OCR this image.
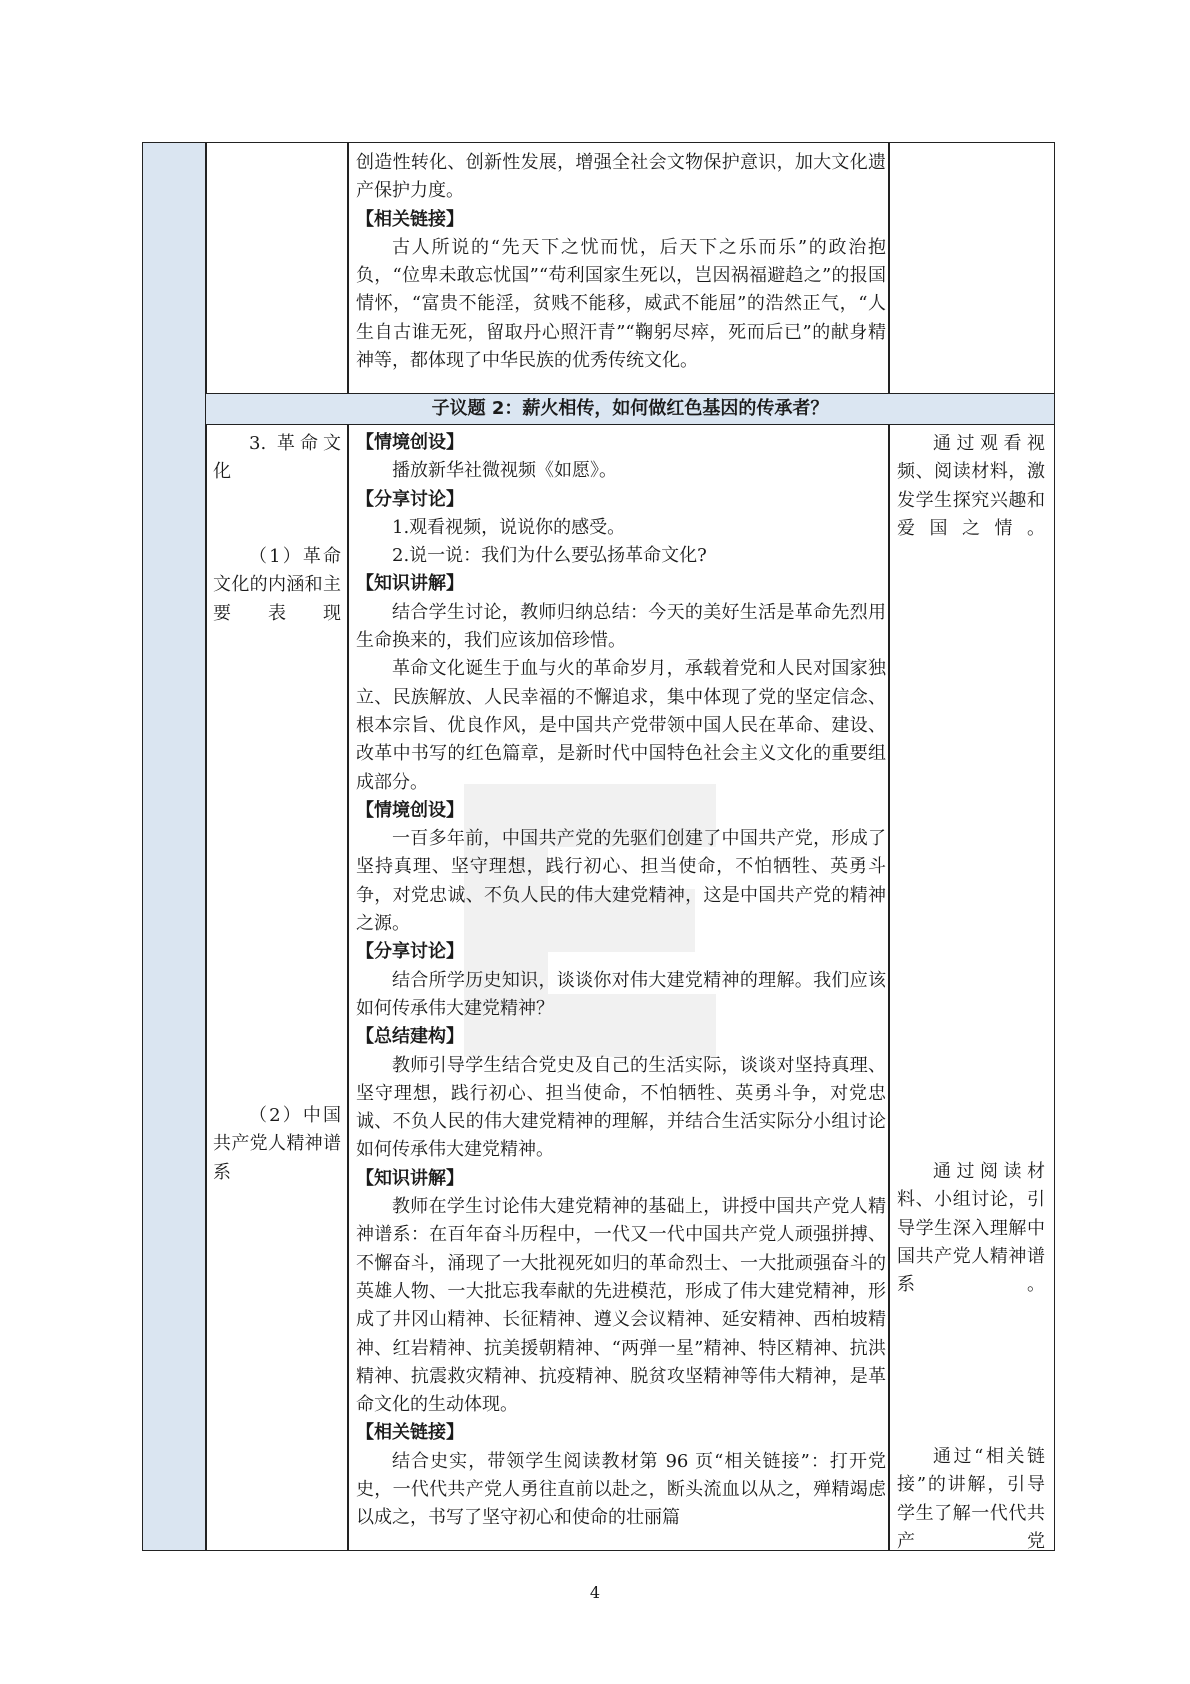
子议题 2：薪火相传，如何做红色基因的传承者？

创造性转化、创新性发展，增强全社会文物保护意识，加大文化遗产保护力度。

【相关链接】

古人所说的“先天下之忧而忧，后天下之乐而乐”的政治抱负，“位卑未敢忘忧国”“苟利国家生死以，岂因祸福避趋之”的报国情怀，“富贵不能淫，贫贱不能移，威武不能屈”的浩然正气，“人生自古谁无死，留取丹心照汗青”“鞠躬尽瘁，死而后已”的献身精神等，都体现了中华民族的优秀传统文化。

3. 革命文化

（1）革命文化的内涵和主要表现

（2）中国共产党人精神谱系

【情境创设】

播放新华社微视频《如愿》。

【分享讨论】

1.观看视频，说说你的感受。

2.说一说：我们为什么要弘扬革命文化?

【知识讲解】

结合学生讨论，教师归纳总结：今天的美好生活是革命先烈用生命换来的，我们应该加倍珍惜。

革命文化诞生于血与火的革命岁月，承载着党和人民对国家独立、民族解放、人民幸福的不懈追求，集中体现了党的坚定信念、根本宗旨、优良作风，是中国共产党带领中国人民在革命、建设、改革中书写的红色篇章，是新时代中国特色社会主义文化的重要组成部分。

【情境创设】

一百多年前，中国共产党的先驱们创建了中国共产党，形成了坚持真理、坚守理想，践行初心、担当使命，不怕牺牲、英勇斗争，对党忠诚、不负人民的伟大建党精神，这是中国共产党的精神之源。

【分享讨论】

结合所学历史知识，谈谈你对伟大建党精神的理解。我们应该如何传承伟大建党精神？

【总结建构】

教师引导学生结合党史及自己的生活实际，谈谈对坚持真理、坚守理想，践行初心、担当使命，不怕牺牲、英勇斗争，对党忠诚、不负人民的伟大建党精神的理解，并结合生活实际分小组讨论如何传承伟大建党精神。

【知识讲解】

教师在学生讨论伟大建党精神的基础上，讲授中国共产党人精神谱系：在百年奋斗历程中，一代又一代中国共产党人顽强拼搏、不懈奋斗，涌现了一大批视死如归的革命烈士、一大批顽强奋斗的英雄人物、一大批忘我奉献的先进模范，形成了伟大建党精神，形成了井冈山精神、长征精神、遵义会议精神、延安精神、西柏坡精神、红岩精神、抗美援朝精神、“两弹一星”精神、特区精神、抗洪精神、抗震救灾精神、抗疫精神、脱贫攻坚精神等伟大精神，是革命文化的生动体现。

【相关链接】

结合史实，带领学生阅读教材第 96 页“相关链接”：打开党史，一代代共产党人勇往直前以赴之，断头流血以从之，殚精竭虑以成之，书写了坚守初心和使命的壮丽篇

通过观看视频、阅读材料，激发学生探究兴趣和爱国之情。

通过阅读材料、小组讨论，引导学生深入理解中国共产党人精神谱系。

通过“相关链接”的讲解，引导学生了解一代代共产党

4
